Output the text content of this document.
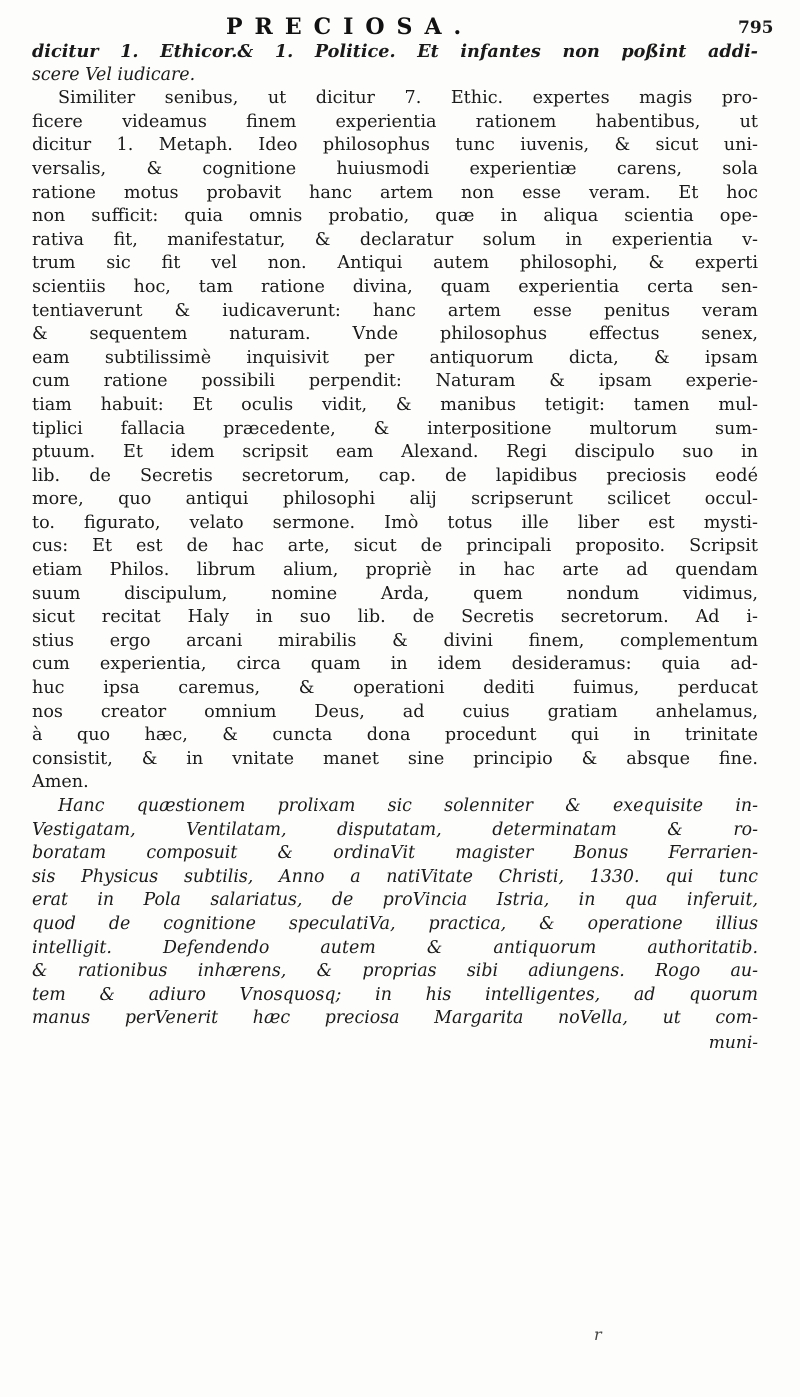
PRECIOSA.	795
dicitur 1. Ethicor.& 1. Politice. Et infantes non poßint addi-
scere Vel iudicare.
Similiter senibus, ut dicitur 7. Ethic. expertes magis pro-
ficere videamus finem experientia rationem habentibus, ut
dicitur 1. Metaph. Ideo philosophus tunc iuvenis, & sicut uni-
versalis, & cognitione huiusmodi experientiæ carens, sola
ratione motus probavit hanc artem non esse veram. Et hoc
non sufficit: quia omnis probatio, quæ in aliqua scientia ope-
rativa fit, manifestatur, & declaratur solum in experientia v-
trum sic fit vel non. Antiqui autem philosophi, & experti
scientiis hoc, tam ratione divina, quam experientia certa sen-
tentiaverunt & iudicaverunt: hanc artem esse penitus veram
& sequentem naturam. Vnde philosophus effectus senex,
eam subtilissimè inquisivit per antiquorum dicta, & ipsam
cum ratione possibili perpendit: Naturam & ipsam experie-
tiam habuit: Et oculis vidit, & manibus tetigit: tamen mul-
tiplici fallacia præcedente, & interpositione multorum sum-
ptuum. Et idem scripsit eam Alexand. Regi discipulo suo in
lib. de Secretis secretorum, cap. de lapidibus preciosis eodé
more, quo antiqui philosophi alij scripserunt scilicet occul-
to. figurato, velato sermone. Imò totus ille liber est mysti-
cus: Et est de hac arte, sicut de principali proposito. Scripsit
etiam Philos. librum alium, propriè in hac arte ad quendam
suum discipulum, nomine Arda, quem nondum vidimus,
sicut recitat Haly in suo lib. de Secretis secretorum. Ad i-
stius ergo arcani mirabilis & divini finem, complementum
cum experientia, circa quam in idem desideramus: quia ad-
huc ipsa caremus, & operationi dediti fuimus, perducat
nos creator omnium Deus, ad cuius gratiam anhelamus,
à quo hæc, & cuncta dona procedunt qui in trinitate
consistit, & in vnitate manet sine principio & absque fine.
Amen.
Hanc quæstionem prolixam sic solenniter & exequisite in-
Vestigatam, Ventilatam, disputatam, determinatam & ro-
boratam composuit & ordinaVit magister Bonus Ferrarien-
sis Physicus subtilis, Anno a natiVitate Christi, 1330. qui tunc
erat in Pola salariatus, de proVincia Istria, in qua inferuit,
quod de cognitione speculatiVa, practica, & operatione illius
intelligit. Defendendo autem & antiquorum authoritatib.
& rationibus inhærens, & proprias sibi adiungens. Rogo au-
tem & adiuro Vnosquosq; in his intelligentes, ad quorum
manus perVenerit hæc preciosa Margarita noVella, ut com-
muni-
r
